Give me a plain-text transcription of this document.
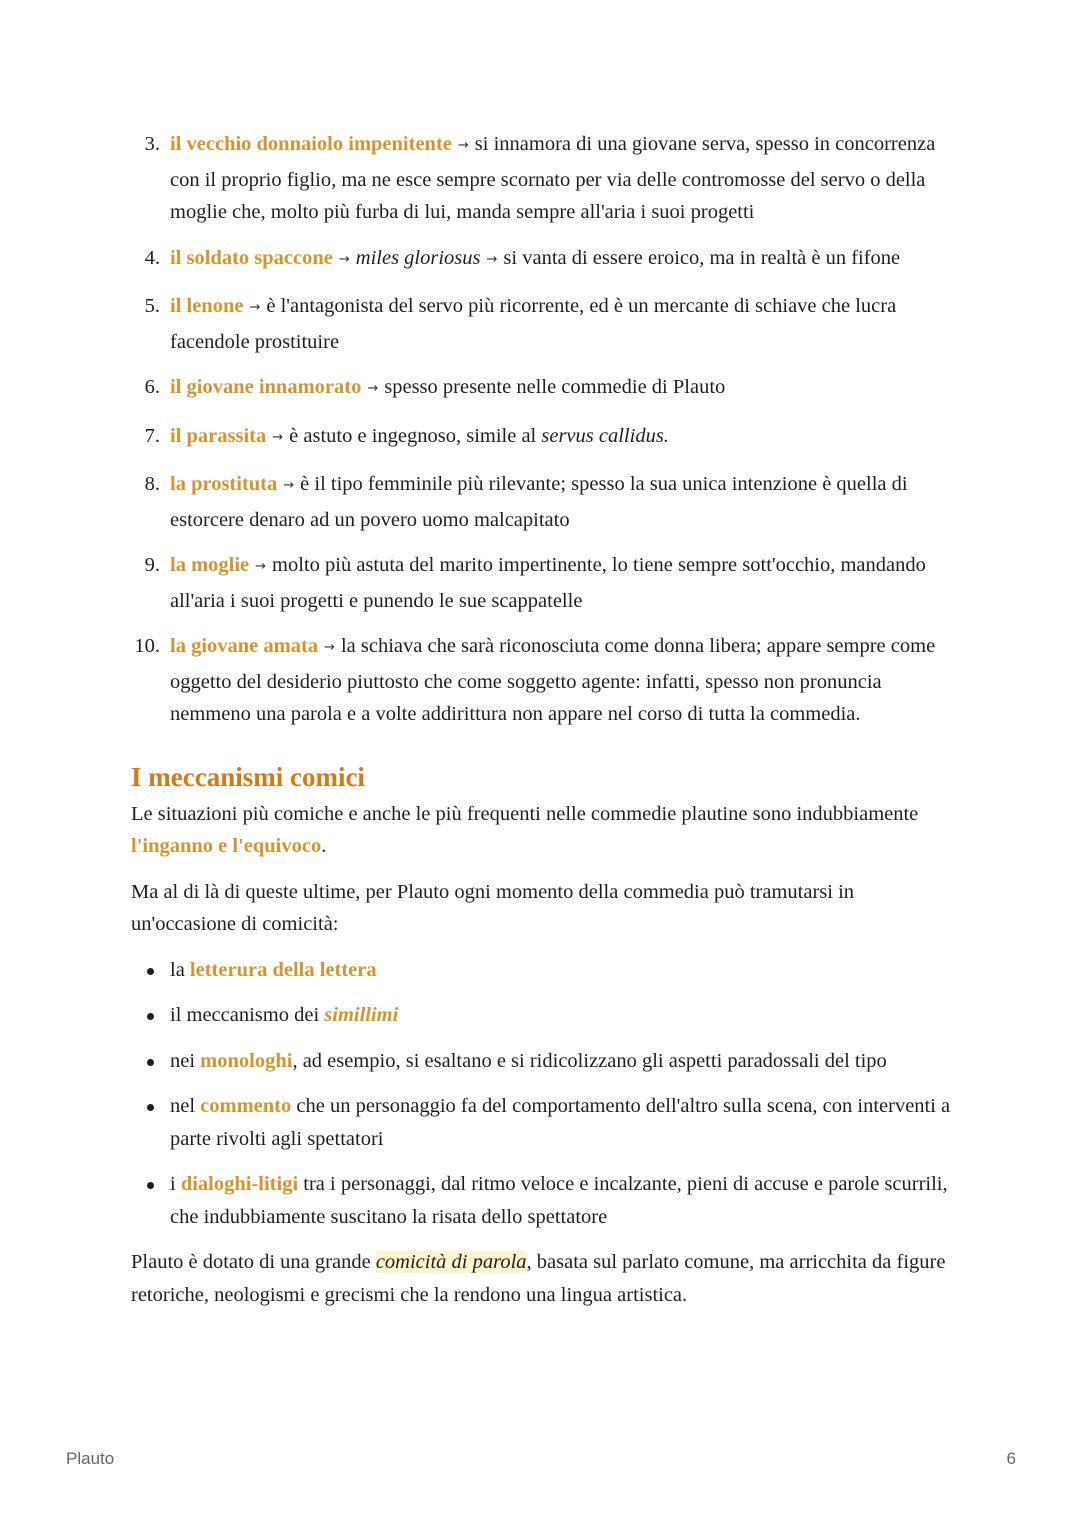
3. il vecchio donnaiolo impenitente → si innamora di una giovane serva, spesso in concorrenza con il proprio figlio, ma ne esce sempre scornato per via delle contromosse del servo o della moglie che, molto più furba di lui, manda sempre all'aria i suoi progetti
4. il soldato spaccone → miles gloriosus → si vanta di essere eroico, ma in realtà è un fifone
5. il lenone → è l'antagonista del servo più ricorrente, ed è un mercante di schiave che lucra facendole prostituire
6. il giovane innamorato → spesso presente nelle commedie di Plauto
7. il parassita → è astuto e ingegnoso, simile al servus callidus.
8. la prostituta → è il tipo femminile più rilevante; spesso la sua unica intenzione è quella di estorcere denaro ad un povero uomo malcapitato
9. la moglie → molto più astuta del marito impertinente, lo tiene sempre sott'occhio, mandando all'aria i suoi progetti e punendo le sue scappatelle
10. la giovane amata → la schiava che sarà riconosciuta come donna libera; appare sempre come oggetto del desiderio piuttosto che come soggetto agente: infatti, spesso non pronuncia nemmeno una parola e a volte addirittura non appare nel corso di tutta la commedia.
I meccanismi comici

Le situazioni più comiche e anche le più frequenti nelle commedie plautine sono indubbiamente l'inganno e l'equivoco.

Ma al di là di queste ultime, per Plauto ogni momento della commedia può tramutarsi in un'occasione di comicità:

la letterura della lettera
il meccanismo dei simillimi
nei monologhi, ad esempio, si esaltano e si ridicolizzano gli aspetti paradossali del tipo
nel commento che un personaggio fa del comportamento dell'altro sulla scena, con interventi a parte rivolti agli spettatori
i dialoghi-litigi tra i personaggi, dal ritmo veloce e incalzante, pieni di accuse e parole scurrili, che indubbiamente suscitano la risata dello spettatore

Plauto è dotato di una grande comicità di parola, basata sul parlato comune, ma arricchita da figure retoriche, neologismi e grecismi che la rendono una lingua artistica.

Plauto	6
